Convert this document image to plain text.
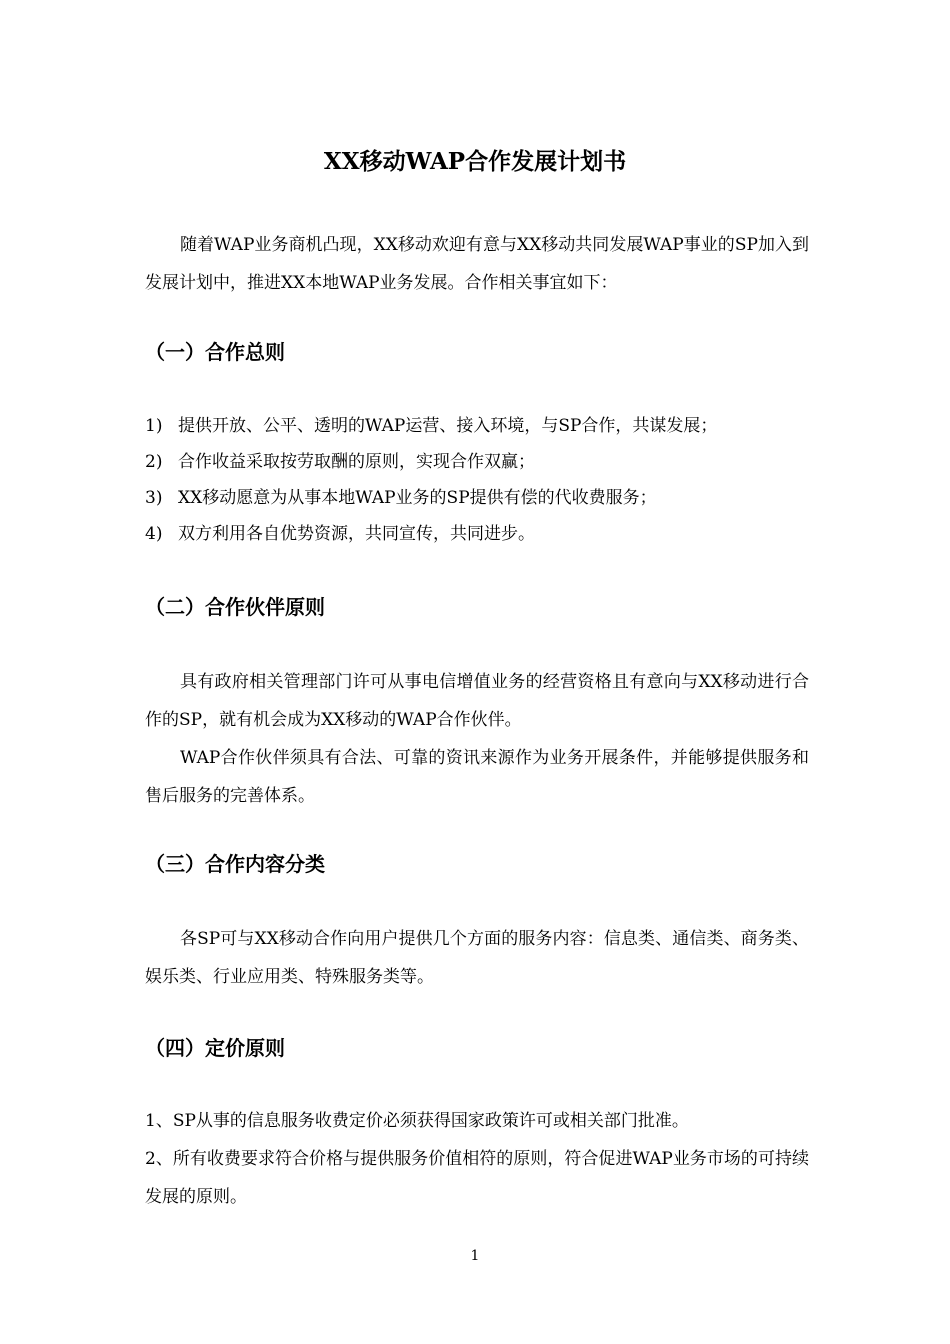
XX移动WAP合作发展计划书
随着WAP业务商机凸现，XX移动欢迎有意与XX移动共同发展WAP事业的SP加入到发展计划中，推进XX本地WAP业务发展。合作相关事宜如下：
（一）合作总则
1) 提供开放、公平、透明的WAP运营、接入环境，与SP合作，共谋发展；
2) 合作收益采取按劳取酬的原则，实现合作双赢；
3) XX移动愿意为从事本地WAP业务的SP提供有偿的代收费服务；
4) 双方利用各自优势资源，共同宣传，共同进步。
（二）合作伙伴原则
具有政府相关管理部门许可从事电信增值业务的经营资格且有意向与XX移动进行合作的SP，就有机会成为XX移动的WAP合作伙伴。
WAP合作伙伴须具有合法、可靠的资讯来源作为业务开展条件，并能够提供服务和售后服务的完善体系。
（三）合作内容分类
各SP可与XX移动合作向用户提供几个方面的服务内容：信息类、通信类、商务类、娱乐类、行业应用类、特殊服务类等。
（四）定价原则
1、SP从事的信息服务收费定价必须获得国家政策许可或相关部门批准。
2、所有收费要求符合价格与提供服务价值相符的原则，符合促进WAP业务市场的可持续发展的原则。
1
